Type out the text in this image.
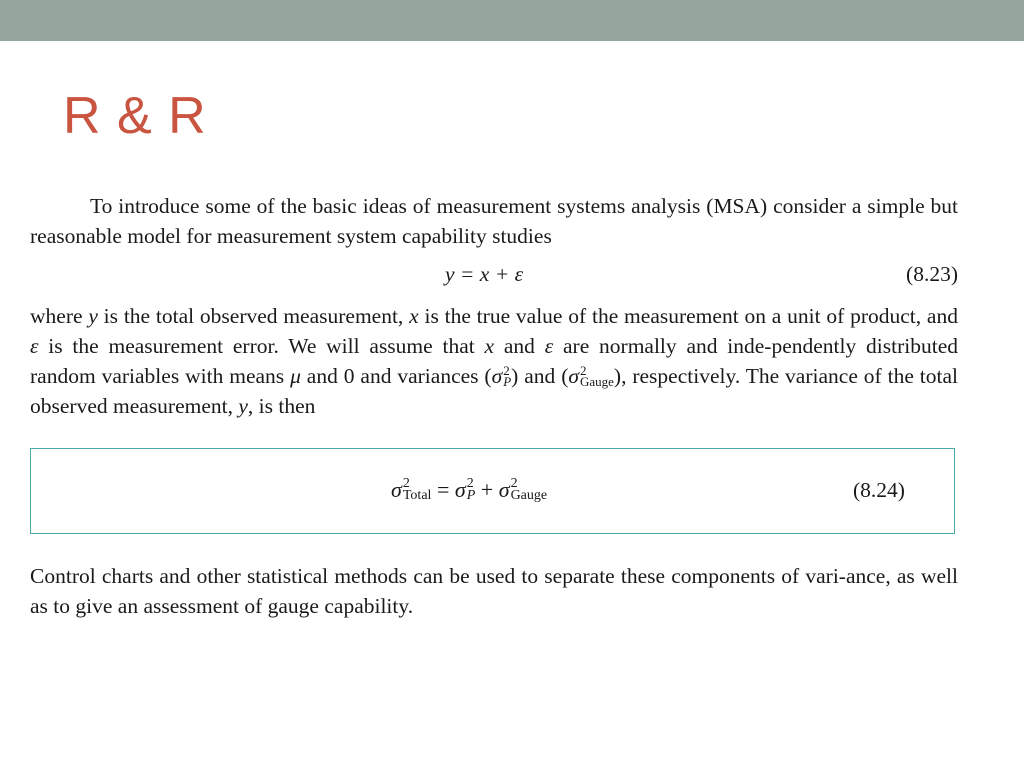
R & R
To introduce some of the basic ideas of measurement systems analysis (MSA) consider a simple but reasonable model for measurement system capability studies
y = x + ε	(8.23)
where y is the total observed measurement, x is the true value of the measurement on a unit of product, and ε is the measurement error. We will assume that x and ε are normally and inde-pendently distributed random variables with means μ and 0 and variances (σ 2
P ) and (σ 2
Gauge ), respectively. The variance of the total observed measurement, y, is then
σ 2
Total = σ 2
P + σ 2
Gauge	(8.24)
Control charts and other statistical methods can be used to separate these components of vari-ance, as well as to give an assessment of gauge capability.
